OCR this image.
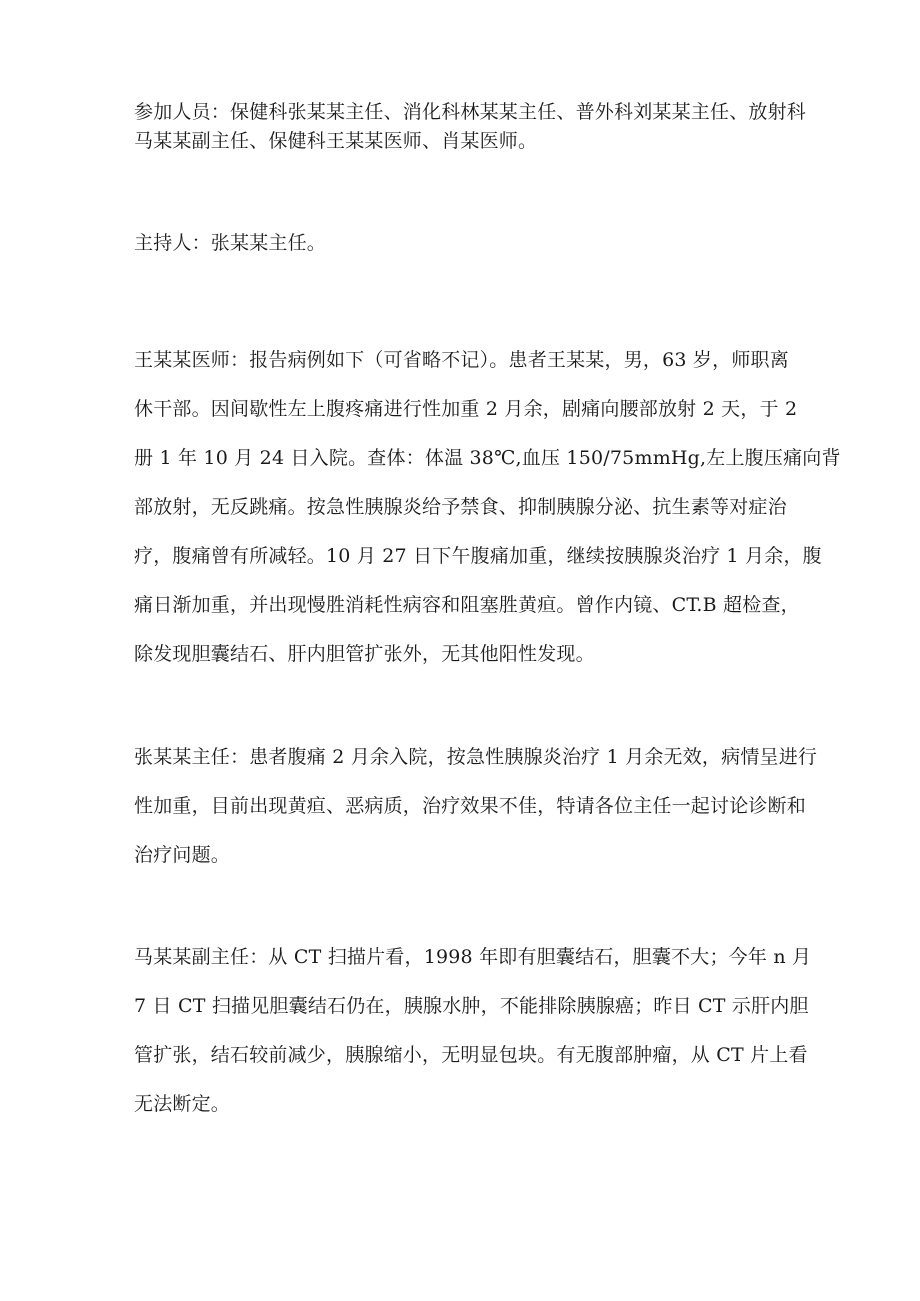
参加人员：保健科张某某主任、消化科林某某主任、普外科刘某某主任、放射科
马某某副主任、保健科王某某医师、肖某医师。

主持人：张某某主任。

王某某医师：报告病例如下（可省略不记）。患者王某某，男，63 岁，师职离
休干部。因间歇性左上腹疼痛进行性加重 2 月余，剧痛向腰部放射 2 天，于 2
册 1 年 10 月 24 日入院。查体：体温 38℃,血压 150/75mmHg,左上腹压痛向背
部放射，无反跳痛。按急性胰腺炎给予禁食、抑制胰腺分泌、抗生素等对症治
疗，腹痛曾有所减轻。10 月 27 日下午腹痛加重，继续按胰腺炎治疗 1 月余，腹
痛日渐加重，并出现慢胜消耗性病容和阻塞胜黄疸。曾作内镜、CT.B 超检查，
除发现胆囊结石、肝内胆管扩张外，无其他阳性发现。

张某某主任：患者腹痛 2 月余入院，按急性胰腺炎治疗 1 月余无效，病情呈进行
性加重，目前出现黄疸、恶病质，治疗效果不佳，特请各位主任一起讨论诊断和
治疗问题。

马某某副主任：从 CT 扫描片看，1998 年即有胆囊结石，胆囊不大；今年 n 月
7 日 CT 扫描见胆囊结石仍在，胰腺水肿，不能排除胰腺癌；昨日 CT 示肝内胆
管扩张，结石较前减少，胰腺缩小，无明显包块。有无腹部肿瘤，从 CT 片上看
无法断定。
